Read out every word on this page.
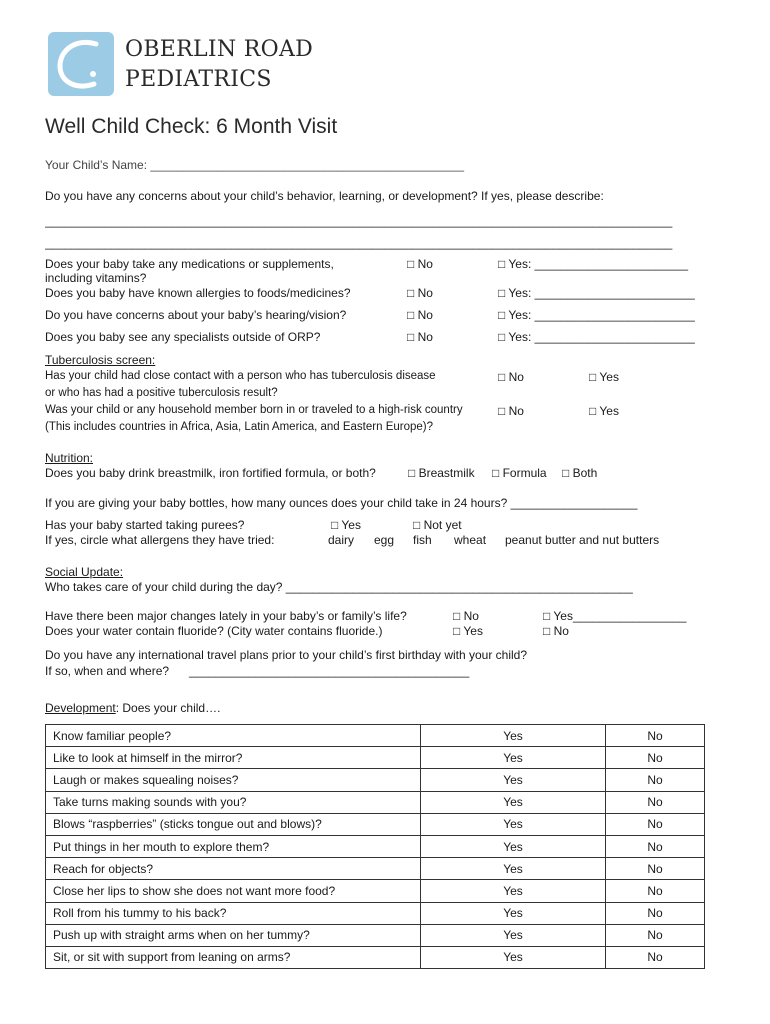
OBERLIN ROAD
PEDIATRICS
Well Child Check: 6 Month Visit
Your Child’s Name: _______________________________________________
Do you have any concerns about your child’s behavior, learning, or development? If yes, please describe:
______________________________________________________________________________________________
______________________________________________________________________________________________
Does your baby take any medications or supplements,
including vitamins?
□ No	□ Yes: _______________________
Does you baby have known allergies to foods/medicines?	□ No	□ Yes: ________________________
Do you have concerns about your baby’s hearing/vision?	□ No	□ Yes: ________________________
Does you baby see any specialists outside of ORP?	□ No	□ Yes: ________________________
Tuberculosis screen:
Has your child had close contact with a person who has tuberculosis disease
or who has had a positive tuberculosis result?
□ No	□ Yes
Was your child or any household member born in or traveled to a high-risk country
(This includes countries in Africa, Asia, Latin America, and Eastern Europe)?
□ No	□ Yes
Nutrition:
Does you baby drink breastmilk, iron fortified formula, or both?	□ Breastmilk □ Formula □ Both
If you are giving your baby bottles, how many ounces does your child take in 24 hours? ___________________
Has your baby started taking purees?	□ Yes	□ Not yet
If yes, circle what allergens they have tried:	dairy egg fish wheat peanut butter and nut butters
Social Update:
Who takes care of your child during the day? ____________________________________________________
Have there been major changes lately in your baby’s or family’s life?	□ No	□ Yes_________________
Does your water contain fluoride? (City water contains fluoride.)	□ Yes	□ No
Do you have any international travel plans prior to your child’s first birthday with your child?
If so, when and where? __________________________________________
Development: Does your child….
Know familiar people?	Yes	No
Like to look at himself in the mirror?	Yes	No
Laugh or makes squealing noises?	Yes	No
Take turns making sounds with you?	Yes	No
Blows “raspberries” (sticks tongue out and blows)?	Yes	No
Put things in her mouth to explore them?	Yes	No
Reach for objects?	Yes	No
Close her lips to show she does not want more food?	Yes	No
Roll from his tummy to his back?	Yes	No
Push up with straight arms when on her tummy?	Yes	No
Sit, or sit with support from leaning on arms?	Yes	No
